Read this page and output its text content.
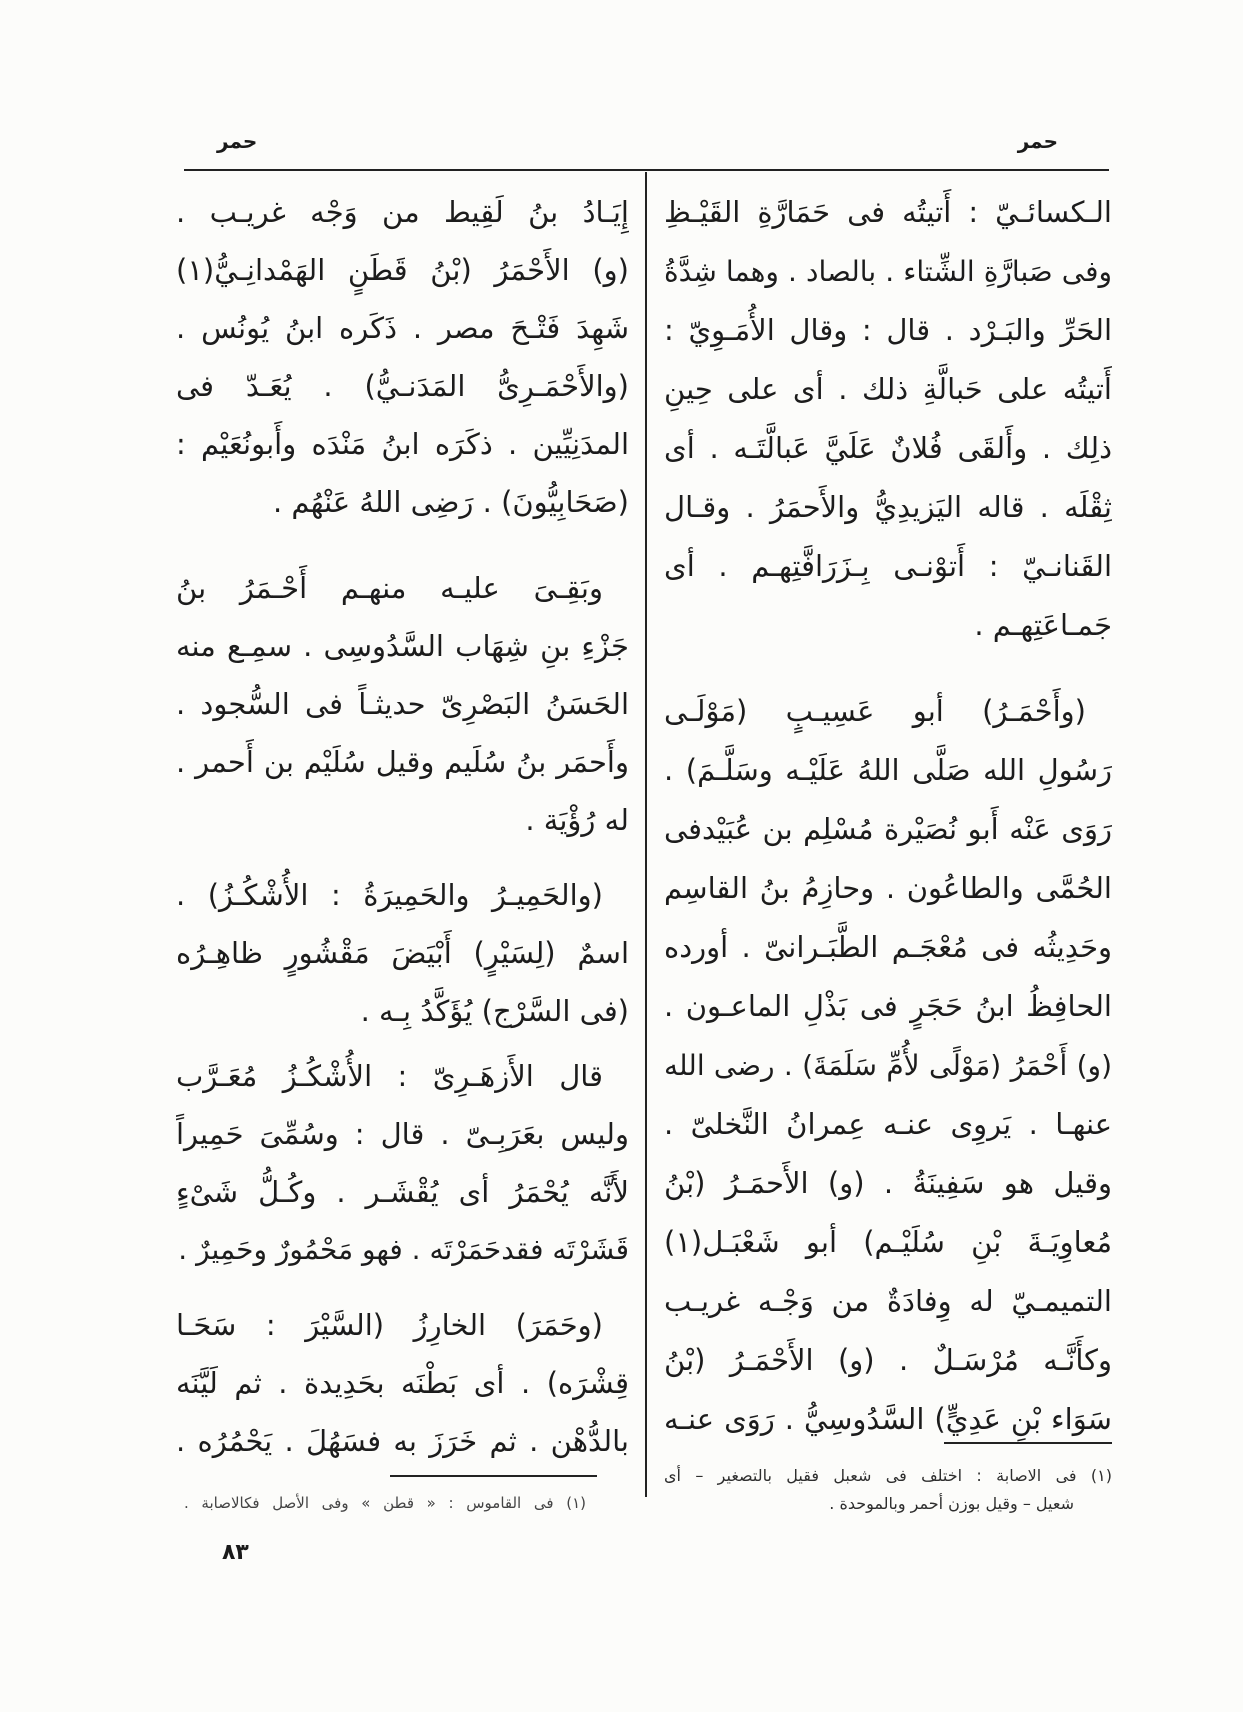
حمر
حمر
الـكسائـيّ : أَتيتُه فى حَمَارَّةِ القَيْـظِ
وفى صَبارَّةِ الشِّتاء . بالصاد . وهما شِدَّةُ
الحَرِّ والبَـرْد . قال : وقال الأُمَـوِيّ :
أَتيتُه على حَبالَّةِ ذلك . أى على حِينِ
ذلِك . وأَلقَى فُلانٌ عَلَيَّ عَبالَّتَـه . أى
ثِقْلَه . قاله اليَزيدِيُّ والأَحمَرُ . وقـال
القَنانـيّ : أَتوْنـى بِـزَرَافَّتِهـم . أى
جَمـاعَتِهـم .
(وأَحْمَـرُ) أبو عَسِيـبٍ (مَوْلَـى
رَسُولِ الله صَلَّى اللهُ عَلَيْـه وسَلَّـمَ) .
رَوَى عَنْه أَبو نُصَيْرة مُسْلِم بن عُبَيْدفى
الحُمَّى والطاعُون . وحازِمُ بنُ القاسِم
وحَدِيثُه فى مُعْجَـم الطَّبَـرانىّ . أورده
الحافِظُ ابنُ حَجَرٍ فى بَذْلِ الماعـون .
(و) أَحْمَرُ (مَوْلًى لأُمِّ سَلَمَةَ) . رضى الله
عنهـا . يَروِى عنـه عِمرانُ النَّخلىّ .
وقيل هو سَفِينَةُ . (و) الأَحمَـرُ (بْنُ
مُعاوِيَـةَ بْنِ سُلَيْـم) أبو شَعْبَـل(١)
التميمـيّ له وِفادَةٌ من وَجْـه غريـب
وكأَنَّـه مُرْسَـلٌ . (و) الأَحْمَـرُ (بْنُ
سَوَاء بْنِ عَدِيٍّ) السَّدُوسِيُّ . رَوَى عنـه
إِيَـادُ بنُ لَقِيط من وَجْه غريـب .
(و) الأَحْمَرُ (بْنُ قَطَنٍ الهَمْدانِـيُّ(١)
شَهِدَ فَتْـحَ مصر . ذَكَره ابنُ يُونُس .
(والأَحْمَـرِىُّ المَدَنـيُّ) . يُعَـدّ فى
المدَنِيِّين . ذكَرَه ابنُ مَنْدَه وأَبونُعَيْم :
(صَحَابِيُّونَ) . رَضِى اللهُ عَنْهُم .
وبَقِـىَ عليـه منهـم أَحْـمَرُ بنُ
جَزْءِ بنِ شِهَاب السَّدُوسِى . سمِـع منه
الحَسَنُ البَصْرِىّ حديثـاً فى السُّجود .
وأَحمَر بنُ سُلَيم وقيل سُلَيْم بن أَحمر .
له رُؤْيَة .
(والحَمِيـرُ والحَمِيرَةُ : الأُشْكُـزُ) .
اسمٌ (لِسَيْرٍ) أَبْيَضَ مَقْشُورٍ ظاهِـرُه
(فى السَّرْج) يُؤَكَّدُ بِـه .
قال الأَزهَـرِىّ : الأُشْكُـزُ مُعَـرَّب
وليس بعَرَبِـىّ . قال : وسُمِّىَ حَمِيراً
لأَنَّه يُحْمَرُ أى يُقْشَـر . وكُـلُّ شَىْءٍ
قَشَرْتَه فقدحَمَرْتَه . فهو مَحْمُورٌ وحَمِيرٌ .
(وحَمَرَ) الخارِزُ (السَّيْرَ : سَحَـا
قِشْرَه) . أى بَطْنَه بحَدِيدة . ثم لَيَّنَه
بالدُّهْن . ثم خَرَزَ به فسَهُلَ . يَحْمُرُه .
(١) فى الاصابة : اختلف فى شعبل فقيل بالتصغير – أى
شعيل – وقيل بوزن أحمر وبالموحدة .
(١) فى القاموس : « قطن » وفى الأصل فكالاصابة .
٨٣
